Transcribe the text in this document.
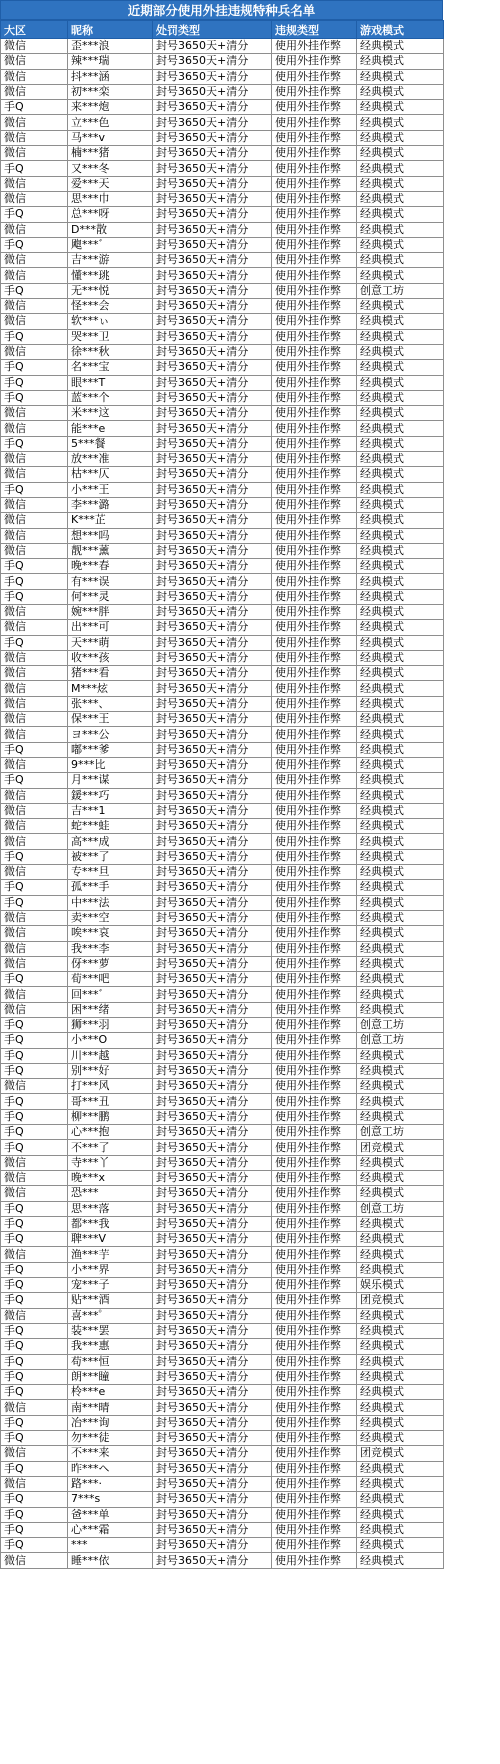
近期部分使用外挂违规特种兵名单
大区	昵称	处罚类型	违规类型	游戏模式
微信	歪***浪	封号3650天+清分	使用外挂作弊	经典模式
微信	辣***瑞	封号3650天+清分	使用外挂作弊	经典模式
微信	抖***涵	封号3650天+清分	使用外挂作弊	经典模式
微信	初***栾	封号3650天+清分	使用外挂作弊	经典模式
手Q	来***炮	封号3650天+清分	使用外挂作弊	经典模式
微信	立***色	封号3650天+清分	使用外挂作弊	经典模式
微信	马***v	封号3650天+清分	使用外挂作弊	经典模式
微信	楠***猪	封号3650天+清分	使用外挂作弊	经典模式
手Q	又***冬	封号3650天+清分	使用外挂作弊	经典模式
微信	爱***天	封号3650天+清分	使用外挂作弊	经典模式
微信	思***巾	封号3650天+清分	使用外挂作弊	经典模式
手Q	总***呀	封号3650天+清分	使用外挂作弊	经典模式
微信	D***散	封号3650天+清分	使用外挂作弊	经典模式
手Q	飑***゛	封号3650天+清分	使用外挂作弊	经典模式
微信	吉***游	封号3650天+清分	使用外挂作弊	经典模式
微信	懂***珧	封号3650天+清分	使用外挂作弊	经典模式
手Q	无***悦	封号3650天+清分	使用外挂作弊	创意工坊
微信	怪***会	封号3650天+清分	使用外挂作弊	经典模式
微信	软***ぃ	封号3650天+清分	使用外挂作弊	经典模式
手Q	哭***卫	封号3650天+清分	使用外挂作弊	经典模式
微信	徐***秋	封号3650天+清分	使用外挂作弊	经典模式
手Q	名***宝	封号3650天+清分	使用外挂作弊	经典模式
手Q	眼***T	封号3650天+清分	使用外挂作弊	经典模式
手Q	蓝***个	封号3650天+清分	使用外挂作弊	经典模式
微信	米***这	封号3650天+清分	使用外挂作弊	经典模式
微信	能***e	封号3650天+清分	使用外挂作弊	经典模式
手Q	5***餐	封号3650天+清分	使用外挂作弊	经典模式
微信	放***准	封号3650天+清分	使用外挂作弊	经典模式
微信	枯***仄	封号3650天+清分	使用外挂作弊	经典模式
手Q	小***王	封号3650天+清分	使用外挂作弊	经典模式
微信	李***潞	封号3650天+清分	使用外挂作弊	经典模式
微信	K***芷	封号3650天+清分	使用外挂作弊	经典模式
微信	想***吗	封号3650天+清分	使用外挂作弊	经典模式
微信	靓***薰	封号3650天+清分	使用外挂作弊	经典模式
手Q	晚***春	封号3650天+清分	使用外挂作弊	经典模式
手Q	有***误	封号3650天+清分	使用外挂作弊	经典模式
手Q	何***灵	封号3650天+清分	使用外挂作弊	经典模式
微信	婉***胖	封号3650天+清分	使用外挂作弊	经典模式
微信	出***可	封号3650天+清分	使用外挂作弊	经典模式
手Q	天***萌	封号3650天+清分	使用外挂作弊	经典模式
微信	收***孩	封号3650天+清分	使用外挂作弊	经典模式
微信	猪***看	封号3650天+清分	使用外挂作弊	经典模式
微信	M***炫	封号3650天+清分	使用外挂作弊	经典模式
微信	张***、	封号3650天+清分	使用外挂作弊	经典模式
微信	保***王	封号3650天+清分	使用外挂作弊	经典模式
微信	ヨ***公	封号3650天+清分	使用外挂作弊	经典模式
手Q	嘟***爹	封号3650天+清分	使用外挂作弊	经典模式
微信	9***比	封号3650天+清分	使用外挂作弊	经典模式
手Q	月***谋	封号3650天+清分	使用外挂作弊	经典模式
微信	鍰***巧	封号3650天+清分	使用外挂作弊	经典模式
微信	吉***1	封号3650天+清分	使用外挂作弊	经典模式
微信	蛇***蛙	封号3650天+清分	使用外挂作弊	经典模式
微信	高***成	封号3650天+清分	使用外挂作弊	经典模式
手Q	被***了	封号3650天+清分	使用外挂作弊	经典模式
微信	专***旦	封号3650天+清分	使用外挂作弊	经典模式
手Q	孤***手	封号3650天+清分	使用外挂作弊	经典模式
手Q	中***法	封号3650天+清分	使用外挂作弊	经典模式
微信	卖***空	封号3650天+清分	使用外挂作弊	经典模式
微信	唉***哀	封号3650天+清分	使用外挂作弊	经典模式
微信	我***李	封号3650天+清分	使用外挂作弊	经典模式
微信	伢***萝	封号3650天+清分	使用外挂作弊	经典模式
手Q	荀***吧	封号3650天+清分	使用外挂作弊	经典模式
微信	回***゛	封号3650天+清分	使用外挂作弊	经典模式
微信	困***绪	封号3650天+清分	使用外挂作弊	经典模式
手Q	狮***羽	封号3650天+清分	使用外挂作弊	创意工坊
手Q	小***O	封号3650天+清分	使用外挂作弊	创意工坊
手Q	川***越	封号3650天+清分	使用外挂作弊	经典模式
手Q	别***好	封号3650天+清分	使用外挂作弊	经典模式
微信	打***风	封号3650天+清分	使用外挂作弊	经典模式
手Q	哥***丑	封号3650天+清分	使用外挂作弊	经典模式
手Q	柳***鹏	封号3650天+清分	使用外挂作弊	经典模式
手Q	心***抱	封号3650天+清分	使用外挂作弊	创意工坊
手Q	不***了	封号3650天+清分	使用外挂作弊	团竞模式
微信	寺***丫	封号3650天+清分	使用外挂作弊	经典模式
微信	晚***x	封号3650天+清分	使用外挂作弊	经典模式
微信	恐***	封号3650天+清分	使用外挂作弊	经典模式
手Q	思***落	封号3650天+清分	使用外挂作弊	创意工坊
手Q	都***我	封号3650天+清分	使用外挂作弊	经典模式
手Q	聛***V	封号3650天+清分	使用外挂作弊	经典模式
微信	渔***芋	封号3650天+清分	使用外挂作弊	经典模式
手Q	小***界	封号3650天+清分	使用外挂作弊	经典模式
手Q	宠***子	封号3650天+清分	使用外挂作弊	娱乐模式
手Q	贴***酒	封号3650天+清分	使用外挂作弊	团竞模式
微信	喜***゜	封号3650天+清分	使用外挂作弊	经典模式
手Q	装***罢	封号3650天+清分	使用外挂作弊	经典模式
手Q	我***惠	封号3650天+清分	使用外挂作弊	经典模式
手Q	苟***恒	封号3650天+清分	使用外挂作弊	经典模式
手Q	朗***瞳	封号3650天+清分	使用外挂作弊	经典模式
手Q	柃***e	封号3650天+清分	使用外挂作弊	经典模式
微信	南***晴	封号3650天+清分	使用外挂作弊	经典模式
手Q	冶***询	封号3650天+清分	使用外挂作弊	经典模式
手Q	勿***徒	封号3650天+清分	使用外挂作弊	经典模式
微信	不***来	封号3650天+清分	使用外挂作弊	团竞模式
手Q	昨***ヘ	封号3650天+清分	使用外挂作弊	经典模式
微信	路***·	封号3650天+清分	使用外挂作弊	经典模式
手Q	7***s	封号3650天+清分	使用外挂作弊	经典模式
手Q	爸***单	封号3650天+清分	使用外挂作弊	经典模式
手Q	心***霜	封号3650天+清分	使用外挂作弊	经典模式
手Q	***	封号3650天+清分	使用外挂作弊	经典模式
微信	睡***依	封号3650天+清分	使用外挂作弊	经典模式
